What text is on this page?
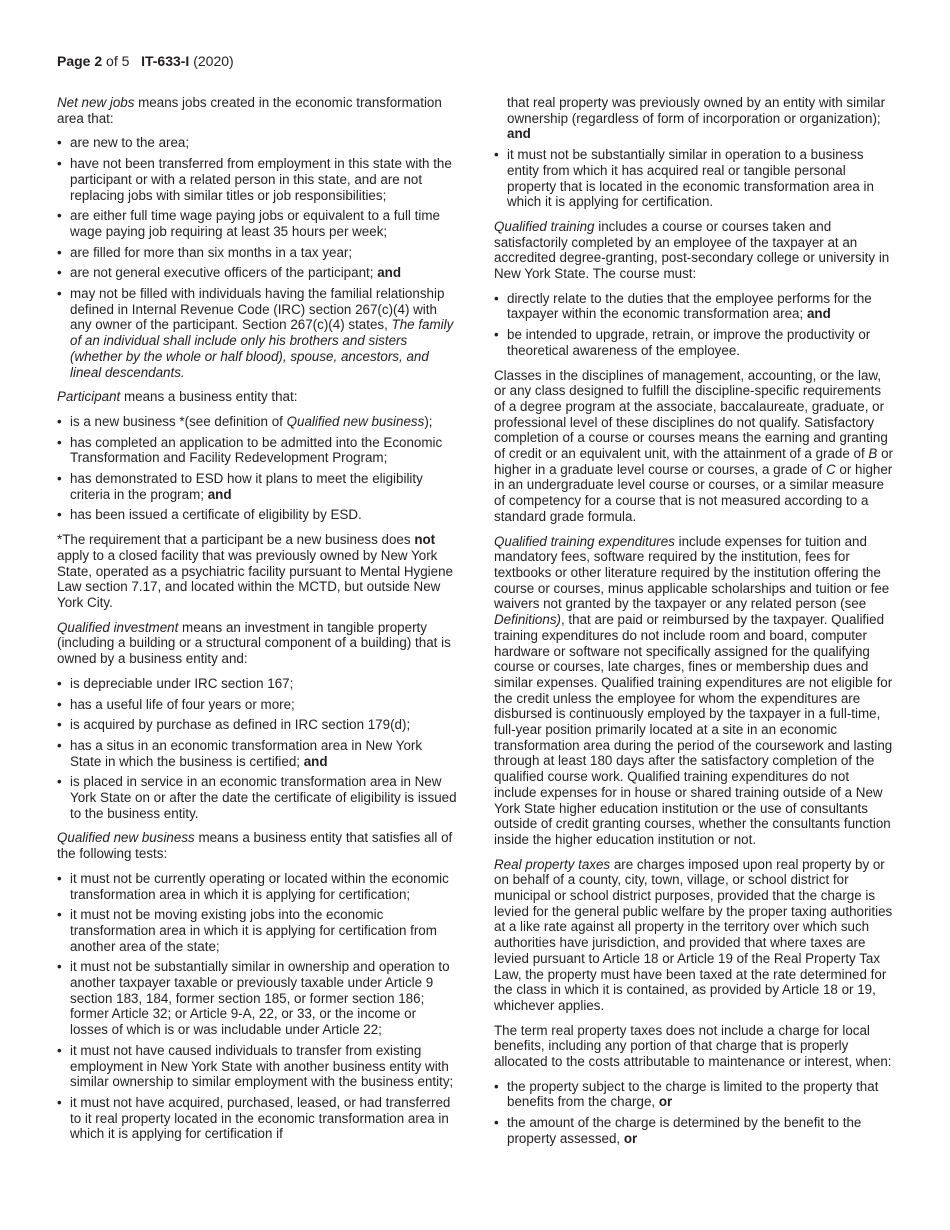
Page 2 of 5 IT-633-I (2020)

Net new jobs means jobs created in the economic transformation area that:

• are new to the area;
• have not been transferred from employment in this state with the participant or with a related person in this state, and are not replacing jobs with similar titles or job responsibilities;
• are either full time wage paying jobs or equivalent to a full time wage paying job requiring at least 35 hours per week;
• are filled for more than six months in a tax year;
• are not general executive officers of the participant; and
• may not be filled with individuals having the familial relationship defined in Internal Revenue Code (IRC) section 267(c)(4) with any owner of the participant. Section 267(c)(4) states, The family of an individual shall include only his brothers and sisters (whether by the whole or half blood), spouse, ancestors, and lineal descendants.

Participant means a business entity that:

• is a new business *(see definition of Qualified new business);
• has completed an application to be admitted into the Economic Transformation and Facility Redevelopment Program;
• has demonstrated to ESD how it plans to meet the eligibility criteria in the program; and
• has been issued a certificate of eligibility by ESD.

*The requirement that a participant be a new business does not apply to a closed facility that was previously owned by New York State, operated as a psychiatric facility pursuant to Mental Hygiene Law section 7.17, and located within the MCTD, but outside New York City.

Qualified investment means an investment in tangible property (including a building or a structural component of a building) that is owned by a business entity and:

• is depreciable under IRC section 167;
• has a useful life of four years or more;
• is acquired by purchase as defined in IRC section 179(d);
• has a situs in an economic transformation area in New York State in which the business is certified; and
• is placed in service in an economic transformation area in New York State on or after the date the certificate of eligibility is issued to the business entity.

Qualified new business means a business entity that satisfies all of the following tests:

• it must not be currently operating or located within the economic transformation area in which it is applying for certification;
• it must not be moving existing jobs into the economic transformation area in which it is applying for certification from another area of the state;
• it must not be substantially similar in ownership and operation to another taxpayer taxable or previously taxable under Article 9 section 183, 184, former section 185, or former section 186; former Article 32; or Article 9-A, 22, or 33, or the income or losses of which is or was includable under Article 22;
• it must not have caused individuals to transfer from existing employment in New York State with another business entity with similar ownership to similar employment with the business entity;
• it must not have acquired, purchased, leased, or had transferred to it real property located in the economic transformation area in which it is applying for certification if
that real property was previously owned by an entity with similar ownership (regardless of form of incorporation or organization); and
• it must not be substantially similar in operation to a business entity from which it has acquired real or tangible personal property that is located in the economic transformation area in which it is applying for certification.

Qualified training includes a course or courses taken and satisfactorily completed by an employee of the taxpayer at an accredited degree-granting, post-secondary college or university in New York State. The course must:

• directly relate to the duties that the employee performs for the taxpayer within the economic transformation area; and
• be intended to upgrade, retrain, or improve the productivity or theoretical awareness of the employee.

Classes in the disciplines of management, accounting, or the law, or any class designed to fulfill the discipline-specific requirements of a degree program at the associate, baccalaureate, graduate, or professional level of these disciplines do not qualify. Satisfactory completion of a course or courses means the earning and granting of credit or an equivalent unit, with the attainment of a grade of B or higher in a graduate level course or courses, a grade of C or higher in an undergraduate level course or courses, or a similar measure of competency for a course that is not measured according to a standard grade formula.

Qualified training expenditures include expenses for tuition and mandatory fees, software required by the institution, fees for textbooks or other literature required by the institution offering the course or courses, minus applicable scholarships and tuition or fee waivers not granted by the taxpayer or any related person (see Definitions), that are paid or reimbursed by the taxpayer. Qualified training expenditures do not include room and board, computer hardware or software not specifically assigned for the qualifying course or courses, late charges, fines or membership dues and similar expenses. Qualified training expenditures are not eligible for the credit unless the employee for whom the expenditures are disbursed is continuously employed by the taxpayer in a full-time, full-year position primarily located at a site in an economic transformation area during the period of the coursework and lasting through at least 180 days after the satisfactory completion of the qualified course work. Qualified training expenditures do not include expenses for in house or shared training outside of a New York State higher education institution or the use of consultants outside of credit granting courses, whether the consultants function inside the higher education institution or not.

Real property taxes are charges imposed upon real property by or on behalf of a county, city, town, village, or school district for municipal or school district purposes, provided that the charge is levied for the general public welfare by the proper taxing authorities at a like rate against all property in the territory over which such authorities have jurisdiction, and provided that where taxes are levied pursuant to Article 18 or Article 19 of the Real Property Tax Law, the property must have been taxed at the rate determined for the class in which it is contained, as provided by Article 18 or 19, whichever applies.

The term real property taxes does not include a charge for local benefits, including any portion of that charge that is properly allocated to the costs attributable to maintenance or interest, when:

• the property subject to the charge is limited to the property that benefits from the charge, or
• the amount of the charge is determined by the benefit to the property assessed, or
